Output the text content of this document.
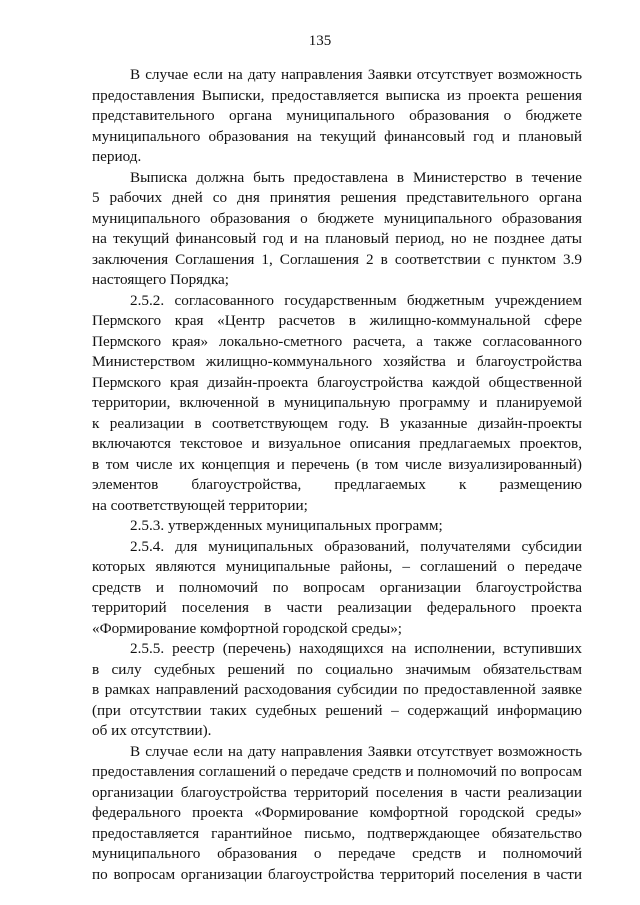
135

В случае если на дату направления Заявки отсутствует возможность
предоставления Выписки, предоставляется выписка из проекта решения
представительного органа муниципального образования о бюджете
муниципального образования на текущий финансовый год и плановый
период.

Выписка должна быть предоставлена в Министерство в течение
5 рабочих дней со дня принятия решения представительного органа
муниципального образования о бюджете муниципального образования
на текущий финансовый год и на плановый период, но не позднее даты
заключения Соглашения 1, Соглашения 2 в соответствии с пунктом 3.9
настоящего Порядка;

2.5.2. согласованного государственным бюджетным учреждением
Пермского края «Центр расчетов в жилищно-коммунальной сфере
Пермского края» локально-сметного расчета, а также согласованного
Министерством жилищно-коммунального хозяйства и благоустройства
Пермского края дизайн-проекта благоустройства каждой общественной
территории, включенной в муниципальную программу и планируемой
к реализации в соответствующем году. В указанные дизайн-проекты
включаются текстовое и визуальное описания предлагаемых проектов,
в том числе их концепция и перечень (в том числе визуализированный)
элементов благоустройства, предлагаемых к размещению
на соответствующей территории;

2.5.3. утвержденных муниципальных программ;

2.5.4. для муниципальных образований, получателями субсидии
которых являются муниципальные районы, – соглашений о передаче
средств и полномочий по вопросам организации благоустройства
территорий поселения в части реализации федерального проекта
«Формирование комфортной городской среды»;

2.5.5. реестр (перечень) находящихся на исполнении, вступивших
в силу судебных решений по социально значимым обязательствам
в рамках направлений расходования субсидии по предоставленной заявке
(при отсутствии таких судебных решений – содержащий информацию
об их отсутствии).

В случае если на дату направления Заявки отсутствует возможность
предоставления соглашений о передаче средств и полномочий по вопросам
организации благоустройства территорий поселения в части реализации
федерального проекта «Формирование комфортной городской среды»
предоставляется гарантийное письмо, подтверждающее обязательство
муниципального образования о передаче средств и полномочий
по вопросам организации благоустройства территорий поселения в части
